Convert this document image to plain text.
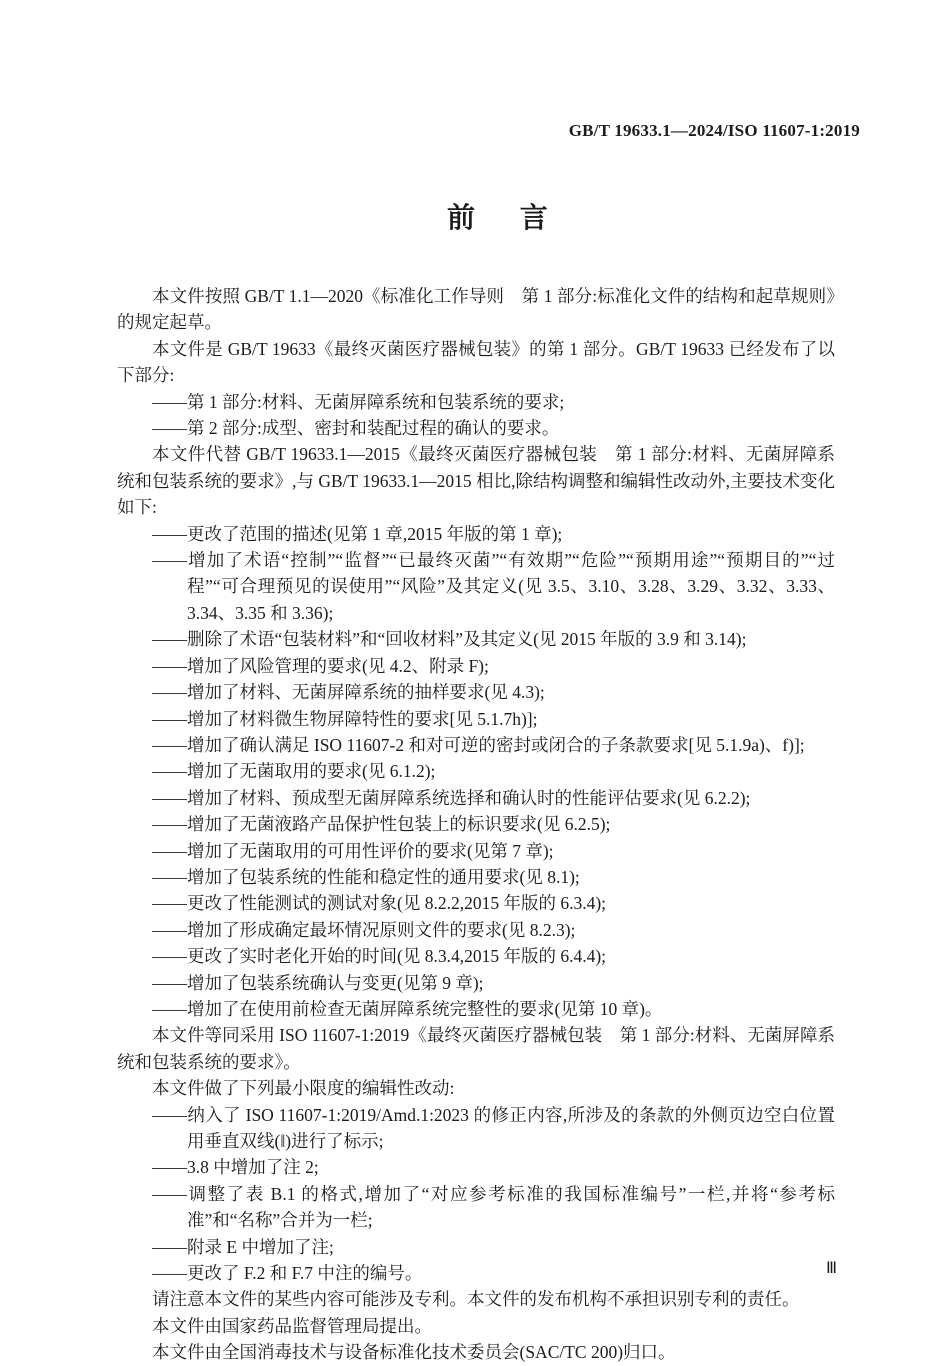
GB/T 19633.1—2024/ISO 11607-1:2019
前言

本文件按照 GB/T 1.1—2020《标准化工作导则　第 1 部分:标准化文件的结构和起草规则》的规定起草。

本文件是 GB/T 19633《最终灭菌医疗器械包装》的第 1 部分。GB/T 19633 已经发布了以下部分:

——第 1 部分:材料、无菌屏障系统和包装系统的要求;

——第 2 部分:成型、密封和装配过程的确认的要求。

本文件代替 GB/T 19633.1—2015《最终灭菌医疗器械包装　第 1 部分:材料、无菌屏障系统和包装系统的要求》,与 GB/T 19633.1—2015 相比,除结构调整和编辑性改动外,主要技术变化如下:

——更改了范围的描述(见第 1 章,2015 年版的第 1 章);

——增加了术语“控制”“监督”“已最终灭菌”“有效期”“危险”“预期用途”“预期目的”“过程”“可合理预见的误使用”“风险”及其定义(见 3.5、3.10、3.28、3.29、3.32、3.33、3.34、3.35 和 3.36);

——删除了术语“包装材料”和“回收材料”及其定义(见 2015 年版的 3.9 和 3.14);

——增加了风险管理的要求(见 4.2、附录 F);

——增加了材料、无菌屏障系统的抽样要求(见 4.3);

——增加了材料微生物屏障特性的要求[见 5.1.7h)];

——增加了确认满足 ISO 11607-2 和对可逆的密封或闭合的子条款要求[见 5.1.9a)、f)];

——增加了无菌取用的要求(见 6.1.2);

——增加了材料、预成型无菌屏障系统选择和确认时的性能评估要求(见 6.2.2);

——增加了无菌液路产品保护性包装上的标识要求(见 6.2.5);

——增加了无菌取用的可用性评价的要求(见第 7 章);

——增加了包装系统的性能和稳定性的通用要求(见 8.1);

——更改了性能测试的测试对象(见 8.2.2,2015 年版的 6.3.4);

——增加了形成确定最坏情况原则文件的要求(见 8.2.3);

——更改了实时老化开始的时间(见 8.3.4,2015 年版的 6.4.4);

——增加了包装系统确认与变更(见第 9 章);

——增加了在使用前检查无菌屏障系统完整性的要求(见第 10 章)。

本文件等同采用 ISO 11607-1:2019《最终灭菌医疗器械包装　第 1 部分:材料、无菌屏障系统和包装系统的要求》。

本文件做了下列最小限度的编辑性改动:

——纳入了 ISO 11607-1:2019/Amd.1:2023 的修正内容,所涉及的条款的外侧页边空白位置用垂直双线(‖)进行了标示;

——3.8 中增加了注 2;

——调整了表 B.1 的格式,增加了“对应参考标准的我国标准编号”一栏,并将“参考标准”和“名称”合并为一栏;

——附录 E 中增加了注;

——更改了 F.2 和 F.7 中注的编号。

请注意本文件的某些内容可能涉及专利。本文件的发布机构不承担识别专利的责任。

本文件由国家药品监督管理局提出。

本文件由全国消毒技术与设备标准化技术委员会(SAC/TC 200)归口。

Ⅲ
